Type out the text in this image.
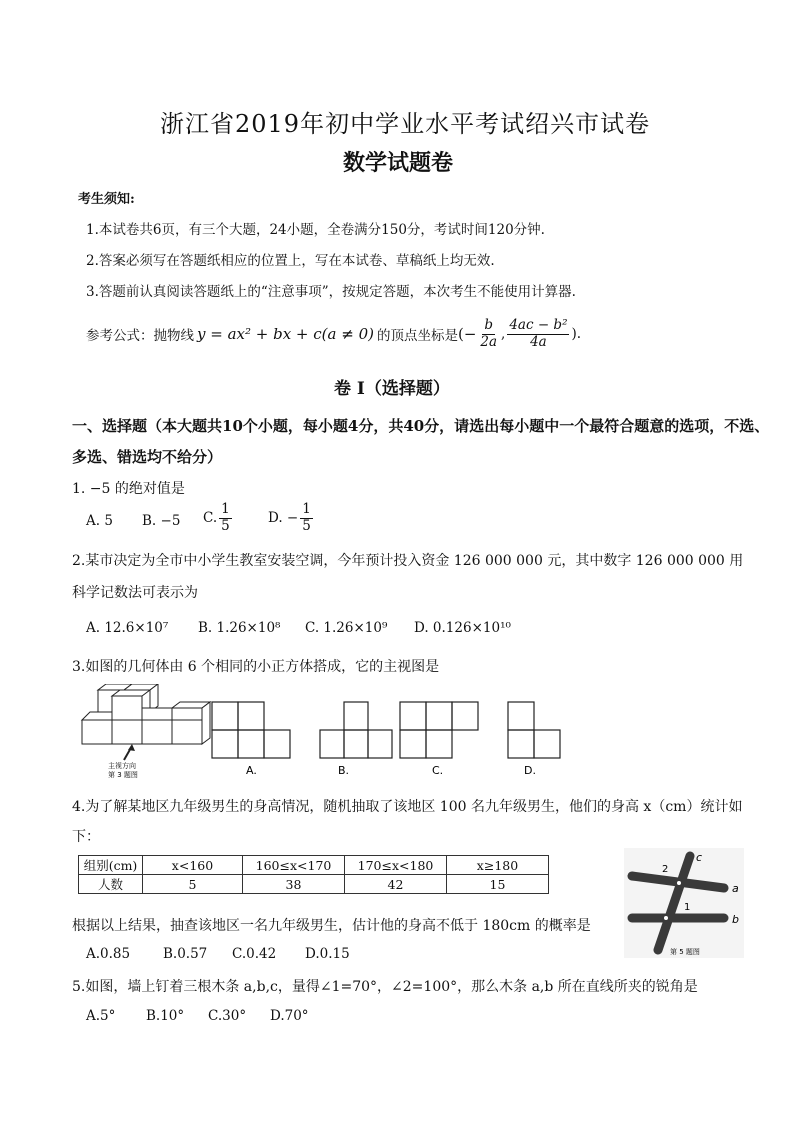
浙江省2019年初中学业水平考试绍兴市试卷
数学试题卷
考生须知:
1.本试卷共6页，有三个大题，24小题，全卷满分150分，考试时间120分钟.
2.答案必须写在答题纸相应的位置上，写在本试卷、草稿纸上均无效.
3.答题前认真阅读答题纸上的“注意事项”，按规定答题，本次考生不能使用计算器.
参考公式：抛物线 y = ax² + bx + c(a ≠ 0) 的顶点坐标是 (− $\frac{b}{2a}$ , $\frac{\text{4ac − b²}}{4a}$ ).
卷 I（选择题）
一、选择题（本大题共10个小题，每小题4分，共40分，请选出每小题中一个最符合题意的选项，不选、
多选、错选均不给分）
1. −5 的绝对值是
A. 5 B. −5 C. $\frac{1}{5}$	D. − $\frac{1}{5}$
2.某市决定为全市中小学生教室安装空调，今年预计投入资金 126 000 000 元，其中数字 126 000 000 用
科学记数法可表示为
A. 12.6×10⁷ B. 1.26×10⁸ C. 1.26×10⁹ D. 0.126×10¹⁰
3.如图的几何体由 6 个相同的小正方体搭成，它的主视图是
主视方向
第 3 题图	A.	B.	C.	D.
4.为了解某地区九年级男生的身高情况，随机抽取了该地区 100 名九年级男生，他们的身高 x（cm）统计如
下：
组别(cm)	x<160	160≤x<170	170≤x<180	x≥180
人数	5	38	42	15
根据以上结果，抽查该地区一名九年级男生，估计他的身高不低于 180cm 的概率是
A.0.85 B.0.57 C.0.42 D.0.15
a
b
c
1
2
第 5 题图
5.如图，墙上钉着三根木条 a,b,c，量得∠1=70°，∠2=100°，那么木条 a,b 所在直线所夹的锐角是
A.5° B.10° C.30° D.70°
